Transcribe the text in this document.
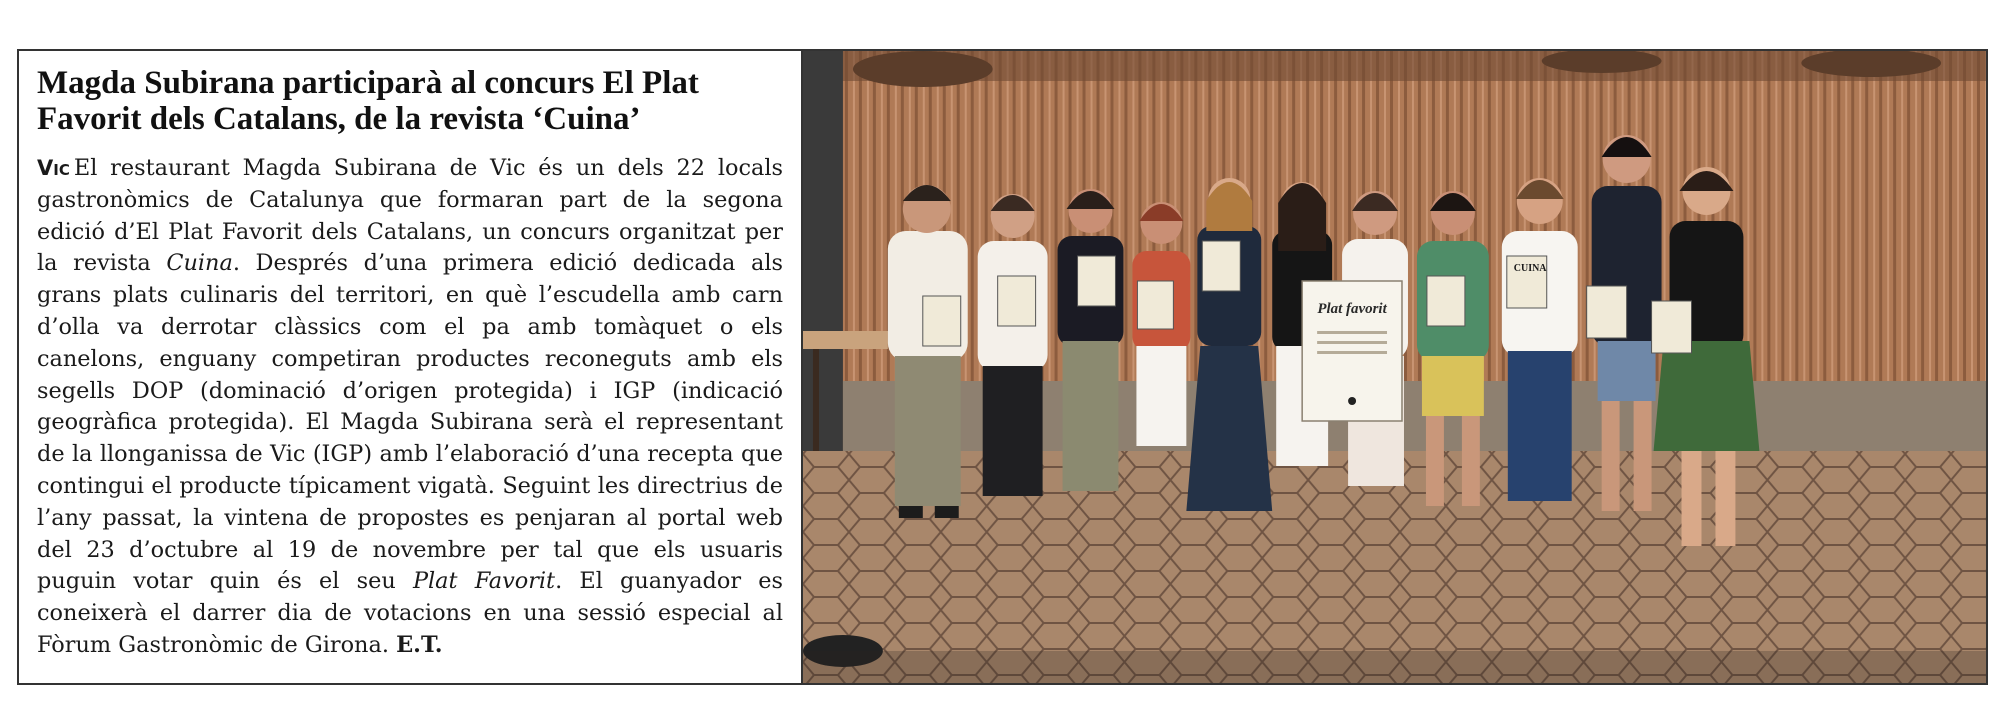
Magda Subirana participarà al concurs El Plat Favorit dels Catalans, de la revista ‘Cuina’

Vic El restaurant Magda Subirana de Vic és un dels 22 locals gastronòmics de Catalunya que formaran part de la segona edició d’El Plat Favorit dels Catalans, un concurs organitzat per la revista Cuina. Després d’una primera edició dedicada als grans plats culinaris del territori, en què l’escudella amb carn d’olla va derrotar clàssics com el pa amb tomàquet o els canelons, enguany competiran productes reconeguts amb els segells DOP (dominació d’origen protegida) i IGP (indicació geogràfica protegida). El Magda Subirana serà el representant de la llonganissa de Vic (IGP) amb l’elaboració d’una recepta que contingui el producte típicament vigatà. Seguint les directrius de l’any passat, la vintena de propostes es penjaran al portal web del 23 d’octubre al 19 de novembre per tal que els usuaris puguin votar quin és el seu Plat Favorit. El guanyador es coneixerà el darrer dia de votacions en una sessió especial al Fòrum Gastronòmic de Girona. E.T.

CUINA
Plat favorit
